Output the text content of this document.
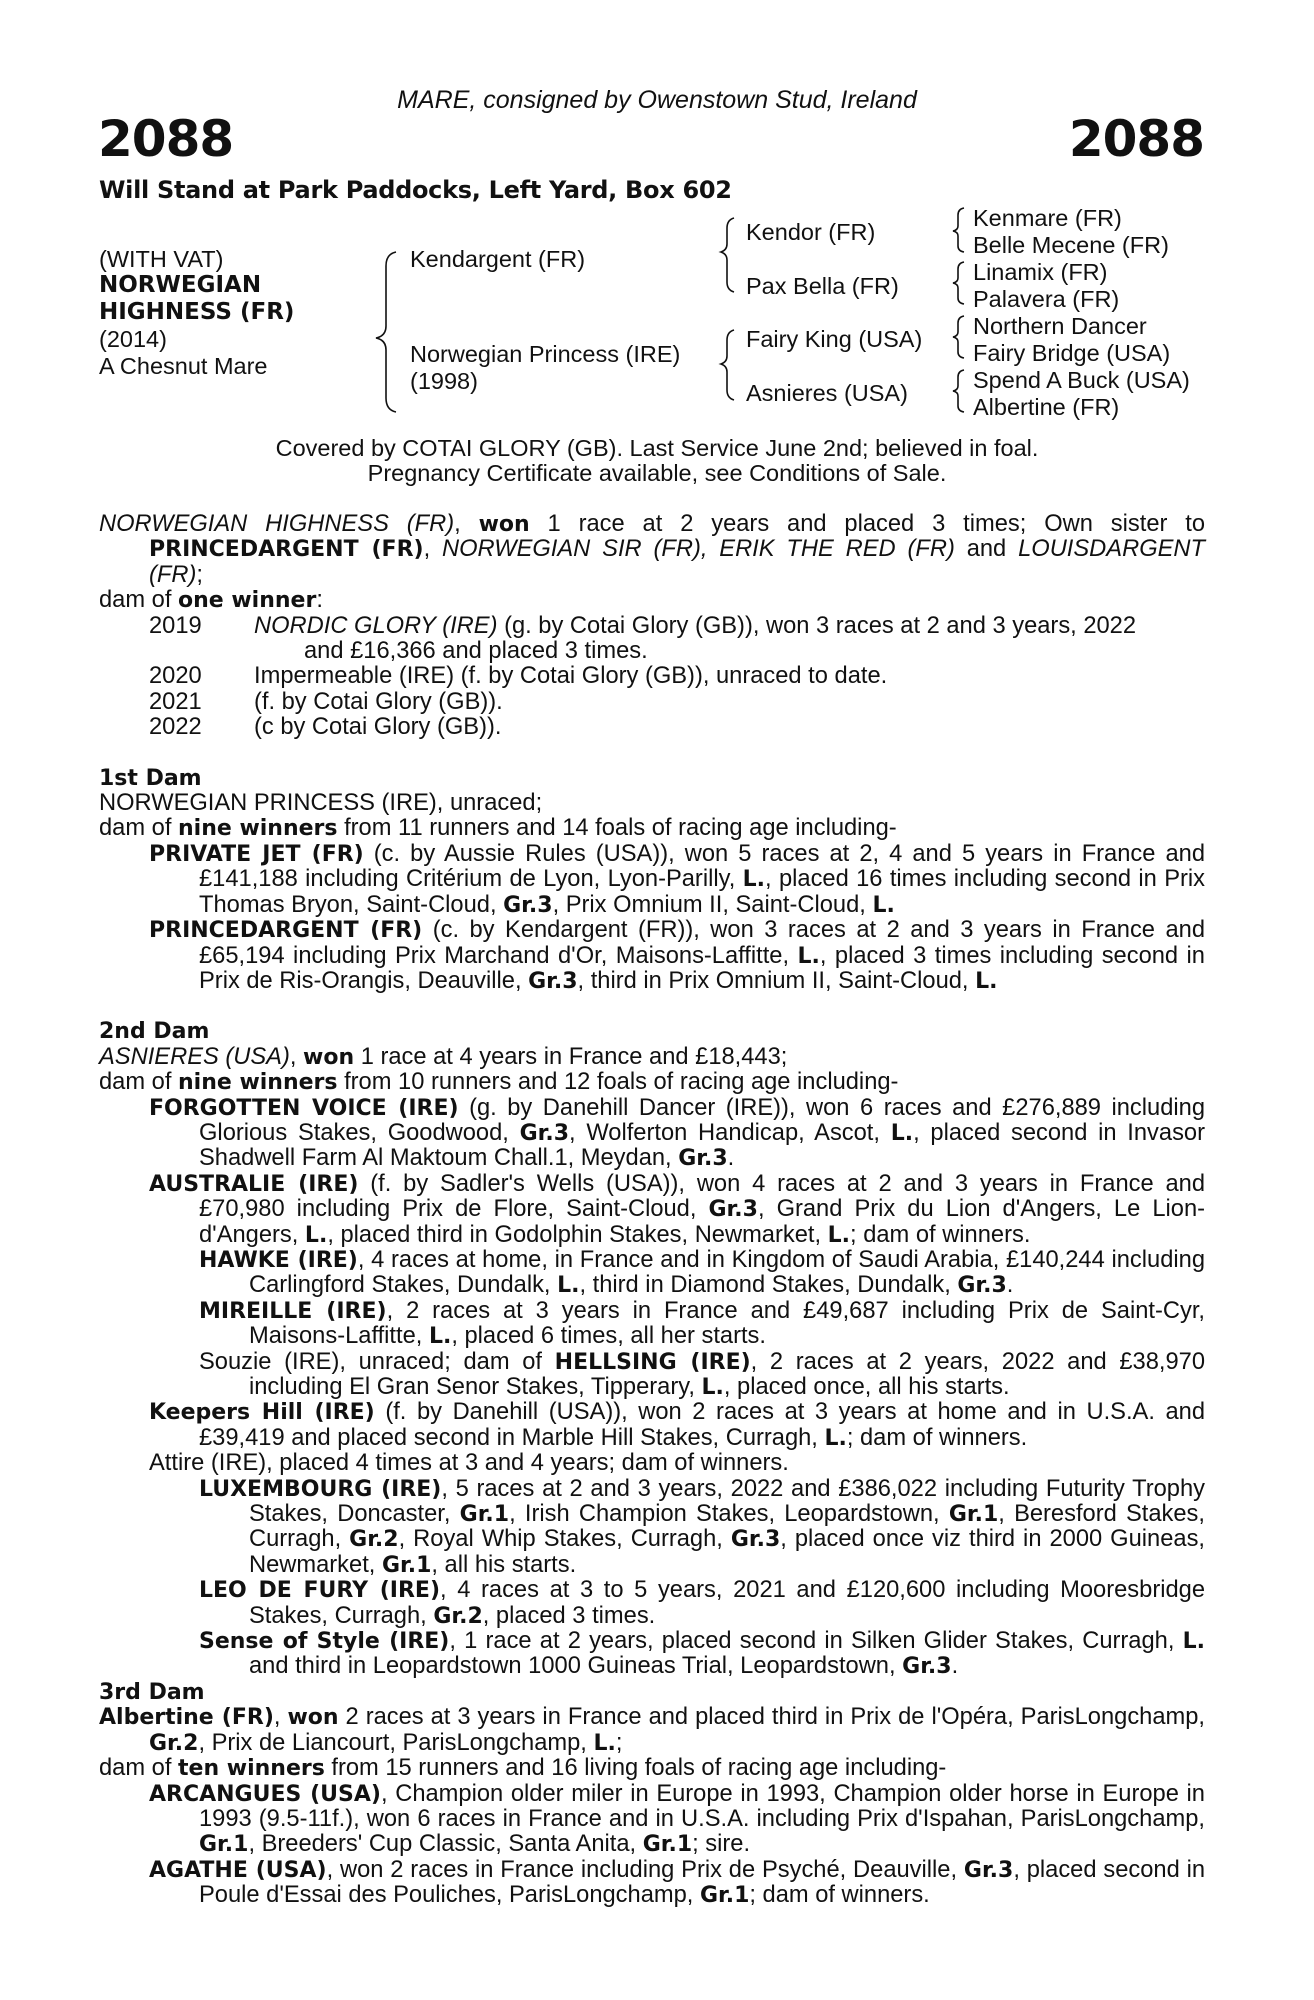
MARE, consigned by Owenstown Stud, Ireland
2088	2088
Will Stand at Park Paddocks, Left Yard, Box 602
(WITH VAT)
NORWEGIAN
HIGHNESS (FR)
(2014)
A Chesnut Mare
Kendargent (FR)
Norwegian Princess (IRE)
(1998)
Kendor (FR)
Pax Bella (FR)
Fairy King (USA)
Asnieres (USA)
Kenmare (FR)
Belle Mecene (FR)
Linamix (FR)
Palavera (FR)
Northern Dancer
Fairy Bridge (USA)
Spend A Buck (USA)
Albertine (FR)
Covered by COTAI GLORY (GB). Last Service June 2nd; believed in foal.
Pregnancy Certificate available, see Conditions of Sale.

NORWEGIAN HIGHNESS (FR), won 1 race at 2 years and placed 3 times; Own sister to PRINCEDARGENT (FR), NORWEGIAN SIR (FR), ERIK THE RED (FR) and LOUISDARGENT (FR);

dam of one winner:

2019	NORDIC GLORY (IRE) (g. by Cotai Glory (GB)), won 3 races at 2 and 3 years, 2022
and £16,366 and placed 3 times.
2020	Impermeable (IRE) (f. by Cotai Glory (GB)), unraced to date.
2021	(f. by Cotai Glory (GB)).
2022	(c by Cotai Glory (GB)).

1st Dam

NORWEGIAN PRINCESS (IRE), unraced;

dam of nine winners from 11 runners and 14 foals of racing age including-

PRIVATE JET (FR) (c. by Aussie Rules (USA)), won 5 races at 2, 4 and 5 years in France and £141,188 including Critérium de Lyon, Lyon-Parilly, L., placed 16 times including second in Prix Thomas Bryon, Saint-Cloud, Gr.3, Prix Omnium II, Saint-Cloud, L.

PRINCEDARGENT (FR) (c. by Kendargent (FR)), won 3 races at 2 and 3 years in France and £65,194 including Prix Marchand d'Or, Maisons-Laffitte, L., placed 3 times including second in Prix de Ris-Orangis, Deauville, Gr.3, third in Prix Omnium II, Saint-Cloud, L.

2nd Dam

ASNIERES (USA), won 1 race at 4 years in France and £18,443;

dam of nine winners from 10 runners and 12 foals of racing age including-

FORGOTTEN VOICE (IRE) (g. by Danehill Dancer (IRE)), won 6 races and £276,889 including Glorious Stakes, Goodwood, Gr.3, Wolferton Handicap, Ascot, L., placed second in Invasor Shadwell Farm Al Maktoum Chall.1, Meydan, Gr.3.

AUSTRALIE (IRE) (f. by Sadler's Wells (USA)), won 4 races at 2 and 3 years in France and £70,980 including Prix de Flore, Saint-Cloud, Gr.3, Grand Prix du Lion d'Angers, Le Lion-d'Angers, L., placed third in Godolphin Stakes, Newmarket, L.; dam of winners.

HAWKE (IRE), 4 races at home, in France and in Kingdom of Saudi Arabia, £140,244 including Carlingford Stakes, Dundalk, L., third in Diamond Stakes, Dundalk, Gr.3.

MIREILLE (IRE), 2 races at 3 years in France and £49,687 including Prix de Saint-Cyr, Maisons-Laffitte, L., placed 6 times, all her starts.

Souzie (IRE), unraced; dam of HELLSING (IRE), 2 races at 2 years, 2022 and £38,970 including El Gran Senor Stakes, Tipperary, L., placed once, all his starts.

Keepers Hill (IRE) (f. by Danehill (USA)), won 2 races at 3 years at home and in U.S.A. and £39,419 and placed second in Marble Hill Stakes, Curragh, L.; dam of winners.

Attire (IRE), placed 4 times at 3 and 4 years; dam of winners.

LUXEMBOURG (IRE), 5 races at 2 and 3 years, 2022 and £386,022 including Futurity Trophy Stakes, Doncaster, Gr.1, Irish Champion Stakes, Leopardstown, Gr.1, Beresford Stakes, Curragh, Gr.2, Royal Whip Stakes, Curragh, Gr.3, placed once viz third in 2000 Guineas, Newmarket, Gr.1, all his starts.

LEO DE FURY (IRE), 4 races at 3 to 5 years, 2021 and £120,600 including Mooresbridge Stakes, Curragh, Gr.2, placed 3 times.

Sense of Style (IRE), 1 race at 2 years, placed second in Silken Glider Stakes, Curragh, L. and third in Leopardstown 1000 Guineas Trial, Leopardstown, Gr.3.

3rd Dam

Albertine (FR), won 2 races at 3 years in France and placed third in Prix de l'Opéra, ParisLongchamp, Gr.2, Prix de Liancourt, ParisLongchamp, L.;

dam of ten winners from 15 runners and 16 living foals of racing age including-

ARCANGUES (USA), Champion older miler in Europe in 1993, Champion older horse in Europe in 1993 (9.5-11f.), won 6 races in France and in U.S.A. including Prix d'Ispahan, ParisLongchamp, Gr.1, Breeders' Cup Classic, Santa Anita, Gr.1; sire.

AGATHE (USA), won 2 races in France including Prix de Psyché, Deauville, Gr.3, placed second in Poule d'Essai des Pouliches, ParisLongchamp, Gr.1; dam of winners.
